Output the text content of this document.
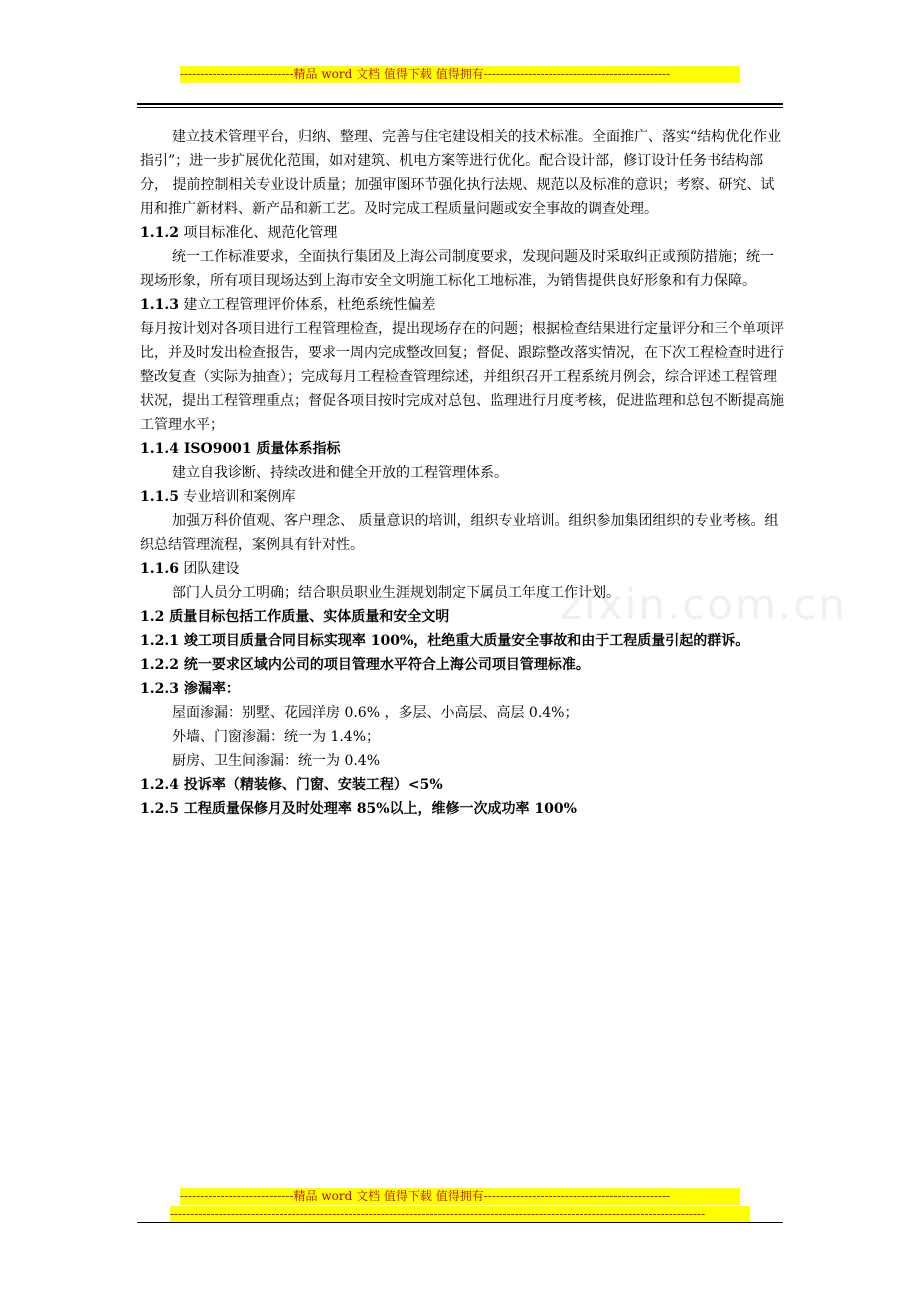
----------------------------精品 word 文档 值得下载 值得拥有----------------------------------------------
zixin.com.cn

建立技术管理平台，归纳、整理、完善与住宅建设相关的技术标准。全面推广、落实“结构优化作业指引”；进一步扩展优化范围，如对建筑、机电方案等进行优化。配合设计部，修订设计任务书结构部分， 提前控制相关专业设计质量；加强审图环节强化执行法规、规范以及标准的意识；考察、研究、试用和推广新材料、新产品和新工艺。及时完成工程质量问题或安全事故的调查处理。

1.1.2 项目标准化、规范化管理

统一工作标准要求，全面执行集团及上海公司制度要求，发现问题及时采取纠正或预防措施；统一现场形象，所有项目现场达到上海市安全文明施工标化工地标准，为销售提供良好形象和有力保障。

1.1.3 建立工程管理评价体系，杜绝系统性偏差

每月按计划对各项目进行工程管理检查，提出现场存在的问题；根据检查结果进行定量评分和三个单项评比，并及时发出检查报告，要求一周内完成整改回复；督促、跟踪整改落实情况，在下次工程检查时进行整改复查（实际为抽查）；完成每月工程检查管理综述，并组织召开工程系统月例会，综合评述工程管理状况，提出工程管理重点；督促各项目按时完成对总包、监理进行月度考核，促进监理和总包不断提高施工管理水平；

1.1.4 ISO9001 质量体系指标

建立自我诊断、持续改进和健全开放的工程管理体系。

1.1.5 专业培训和案例库

加强万科价值观、客户理念、 质量意识的培训，组织专业培训。组织参加集团组织的专业考核。组织总结管理流程，案例具有针对性。

1.1.6 团队建设

部门人员分工明确；结合职员职业生涯规划制定下属员工年度工作计划。

1.2 质量目标包括工作质量、实体质量和安全文明

1.2.1 竣工项目质量合同目标实现率 100%，杜绝重大质量安全事故和由于工程质量引起的群诉。

1.2.2 统一要求区域内公司的项目管理水平符合上海公司项目管理标准。

1.2.3 渗漏率：

屋面渗漏：别墅、花园洋房 0.6% ，多层、小高层、高层 0.4%；

外墙、门窗渗漏：统一为 1.4%；

厨房、卫生间渗漏：统一为 0.4%

1.2.4 投诉率（精装修、门窗、安装工程）<5%

1.2.5 工程质量保修月及时处理率 85%以上，维修一次成功率 100%

----------------------------精品 word 文档 值得下载 值得拥有----------------------------------------------
------------------------------------------------------------------------------------------------------------------------------------
